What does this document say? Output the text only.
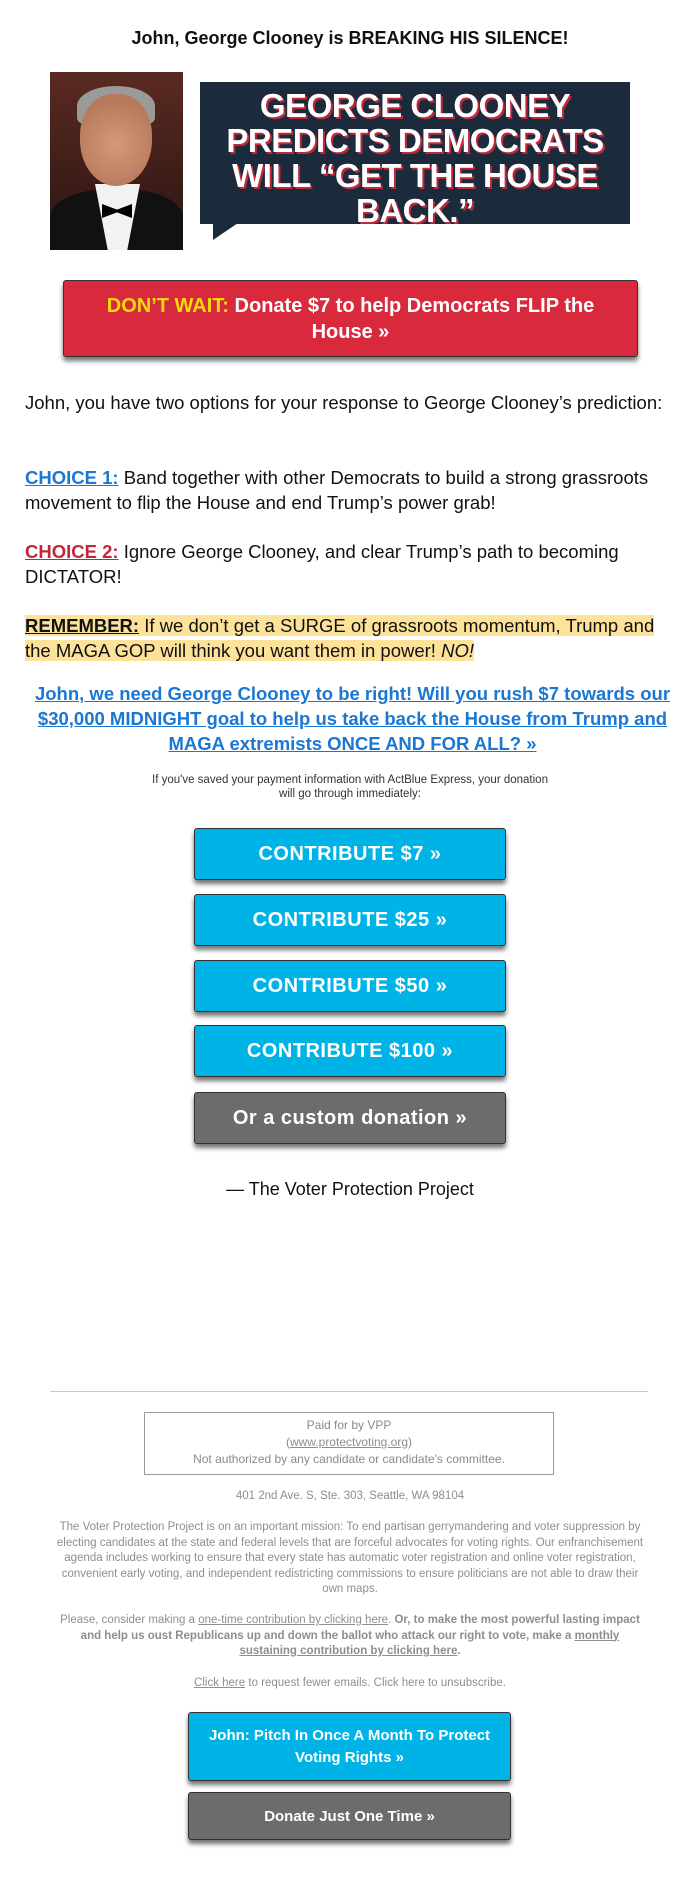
John, George Clooney is BREAKING HIS SILENCE!
GEORGE CLOONEY PREDICTS DEMOCRATS WILL “GET THE HOUSE BACK.”
DON’T WAIT: Donate $7 to help Democrats FLIP the House »
John, you have two options for your response to George Clooney’s prediction:
CHOICE 1: Band together with other Democrats to build a strong grassroots movement to flip the House and end Trump’s power grab!
CHOICE 2: Ignore George Clooney, and clear Trump’s path to becoming DICTATOR!
REMEMBER: If we don’t get a SURGE of grassroots momentum, Trump and the MAGA GOP will think you want them in power! NO!
John, we need George Clooney to be right! Will you rush $7 towards our $30,000 MIDNIGHT goal to help us take back the House from Trump and MAGA extremists ONCE AND FOR ALL? »
If you've saved your payment information with ActBlue Express, your donation
will go through immediately:
CONTRIBUTE $7 »
CONTRIBUTE $25 »
CONTRIBUTE $50 »
CONTRIBUTE $100 »
Or a custom donation »
— The Voter Protection Project
Paid for by VPP
(www.protectvoting.org)
Not authorized by any candidate or candidate's committee.
401 2nd Ave. S, Ste. 303, Seattle, WA 98104
The Voter Protection Project is on an important mission: To end partisan gerrymandering and voter suppression by electing candidates at the state and federal levels that are forceful advocates for voting rights. Our enfranchisement agenda includes working to ensure that every state has automatic voter registration and online voter registration, convenient early voting, and independent redistricting commissions to ensure politicians are not able to draw their own maps.
Please, consider making a one-time contribution by clicking here. Or, to make the most powerful lasting impact and help us oust Republicans up and down the ballot who attack our right to vote, make a monthly sustaining contribution by clicking here.
Click here to request fewer emails. Click here to unsubscribe.
John: Pitch In Once A Month To Protect Voting Rights »
Donate Just One Time »
